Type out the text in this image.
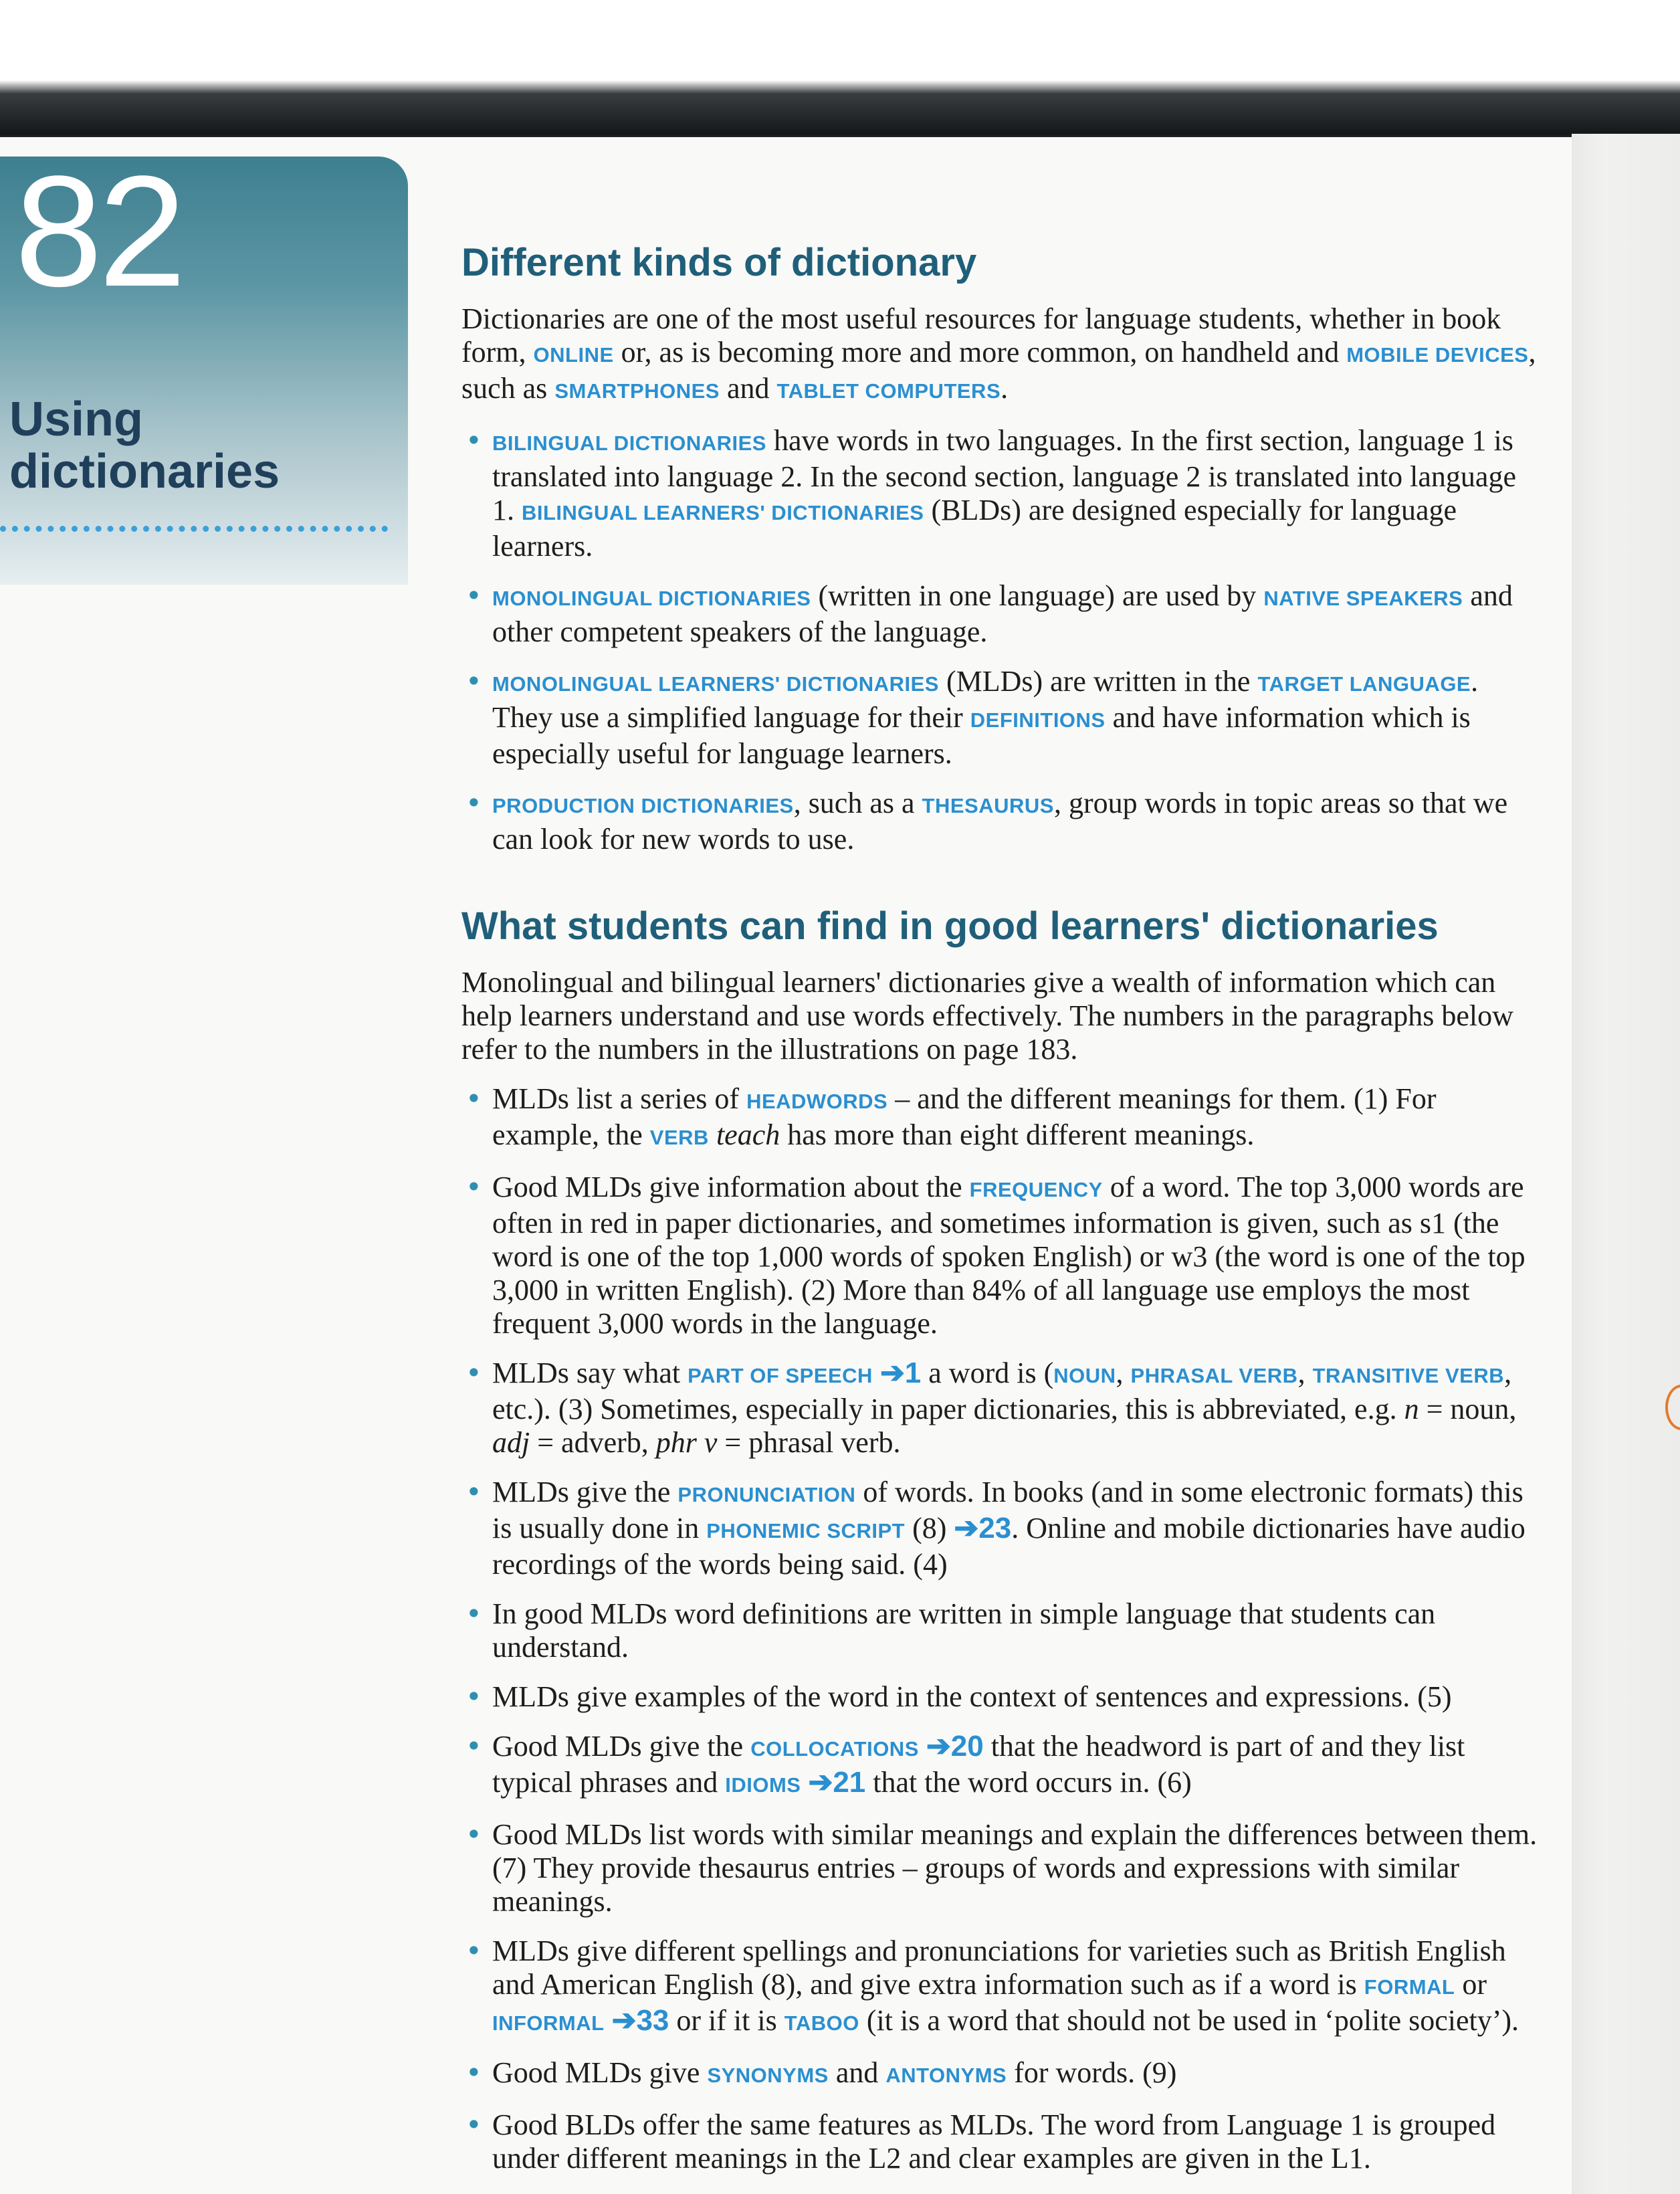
82
Using dictionaries
Different kinds of dictionary

Dictionaries are one of the most useful resources for language students, whether in book form, ONLINE or, as is becoming more and more common, on handheld and MOBILE DEVICES, such as SMARTPHONES and TABLET COMPUTERS.

• BILINGUAL DICTIONARIES have words in two languages. In the first section, language 1 is translated into language 2. In the second section, language 2 is translated into language 1. BILINGUAL LEARNERS' DICTIONARIES (BLDs) are designed especially for language learners.
• MONOLINGUAL DICTIONARIES (written in one language) are used by NATIVE SPEAKERS and other competent speakers of the language.
• MONOLINGUAL LEARNERS' DICTIONARIES (MLDs) are written in the TARGET LANGUAGE. They use a simplified language for their DEFINITIONS and have information which is especially useful for language learners.
• PRODUCTION DICTIONARIES, such as a THESAURUS, group words in topic areas so that we can look for new words to use.
What students can find in good learners' dictionaries

Monolingual and bilingual learners' dictionaries give a wealth of information which can help learners understand and use words effectively. The numbers in the paragraphs below refer to the numbers in the illustrations on page 183.

• MLDs list a series of HEADWORDS – and the different meanings for them. (1) For example, the VERB teach has more than eight different meanings.
• Good MLDs give information about the FREQUENCY of a word. The top 3,000 words are often in red in paper dictionaries, and sometimes information is given, such as s1 (the word is one of the top 1,000 words of spoken English) or w3 (the word is one of the top 3,000 in written English). (2) More than 84% of all language use employs the most frequent 3,000 words in the language.
• MLDs say what PART OF SPEECH ➔1 a word is (NOUN, PHRASAL VERB, TRANSITIVE VERB, etc.). (3) Sometimes, especially in paper dictionaries, this is abbreviated, e.g. n = noun, adj = adverb, phr v = phrasal verb.
• MLDs give the PRONUNCIATION of words. In books (and in some electronic formats) this is usually done in PHONEMIC SCRIPT (8) ➔23. Online and mobile dictionaries have audio recordings of the words being said. (4)
• In good MLDs word definitions are written in simple language that students can understand.
• MLDs give examples of the word in the context of sentences and expressions. (5)
• Good MLDs give the COLLOCATIONS ➔20 that the headword is part of and they list typical phrases and IDIOMS ➔21 that the word occurs in. (6)
• Good MLDs list words with similar meanings and explain the differences between them. (7) They provide thesaurus entries – groups of words and expressions with similar meanings.
• MLDs give different spellings and pronunciations for varieties such as British English and American English (8), and give extra information such as if a word is FORMAL or INFORMAL ➔33 or if it is TABOO (it is a word that should not be used in ‘polite society’).
• Good MLDs give SYNONYMS and ANTONYMS for words. (9)
• Good BLDs offer the same features as MLDs. The word from Language 1 is grouped under different meanings in the L2 and clear examples are given in the L1.
